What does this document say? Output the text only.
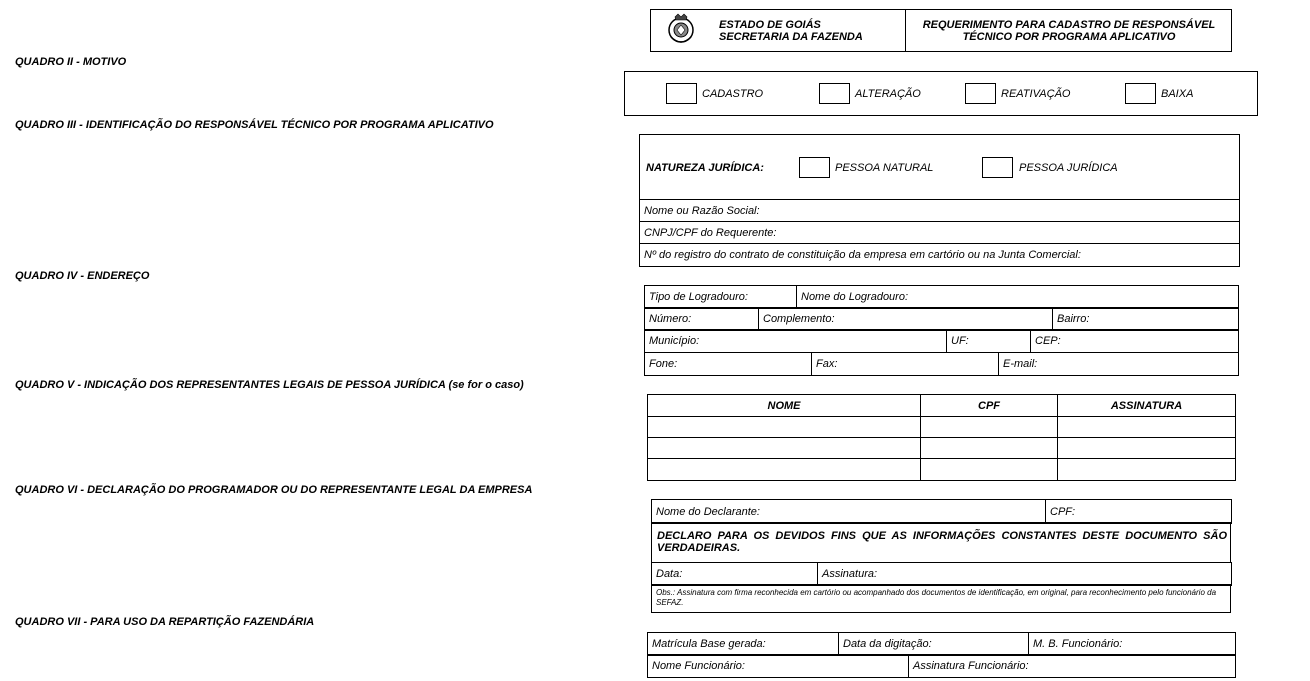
ESTADO DE GOIÁS
SECRETARIA DA FAZENDA
REQUERIMENTO PARA CADASTRO DE RESPONSÁVEL
TÉCNICO POR PROGRAMA APLICATIVO
QUADRO II - MOTIVO
CADASTRO	ALTERAÇÃO	REATIVAÇÃO	BAIXA
QUADRO III - IDENTIFICAÇÃO DO RESPONSÁVEL TÉCNICO POR PROGRAMA APLICATIVO
NATUREZA JURÍDICA:	PESSOA NATURAL	PESSOA JURÍDICA
Nome ou Razão Social:
CNPJ/CPF do Requerente:
Nº do registro do contrato de constituição da empresa em cartório ou na Junta Comercial:
QUADRO IV - ENDEREÇO
Tipo de Logradouro:	Nome do Logradouro:
Número:	Complemento:	Bairro:
Município:	UF:	CEP:
Fone:	Fax:	E-mail:
QUADRO V - INDICAÇÃO DOS REPRESENTANTES LEGAIS DE PESSOA JURÍDICA (se for o caso)
NOME	CPF	ASSINATURA

QUADRO VI - DECLARAÇÃO DO PROGRAMADOR OU DO REPRESENTANTE LEGAL DA EMPRESA
Nome do Declarante:	CPF:
DECLARO PARA OS DEVIDOS FINS QUE AS INFORMAÇÕES CONSTANTES DESTE DOCUMENTO SÃO VERDADEIRAS.
Data:	Assinatura:
Obs.: Assinatura com firma reconhecida em cartório ou acompanhado dos documentos de identificação, em original, para reconhecimento pelo funcionário da SEFAZ.
QUADRO VII - PARA USO DA REPARTIÇÃO FAZENDÁRIA
Matrícula Base gerada:	Data da digitação:	M. B. Funcionário:
Nome Funcionário:	Assinatura Funcionário:
